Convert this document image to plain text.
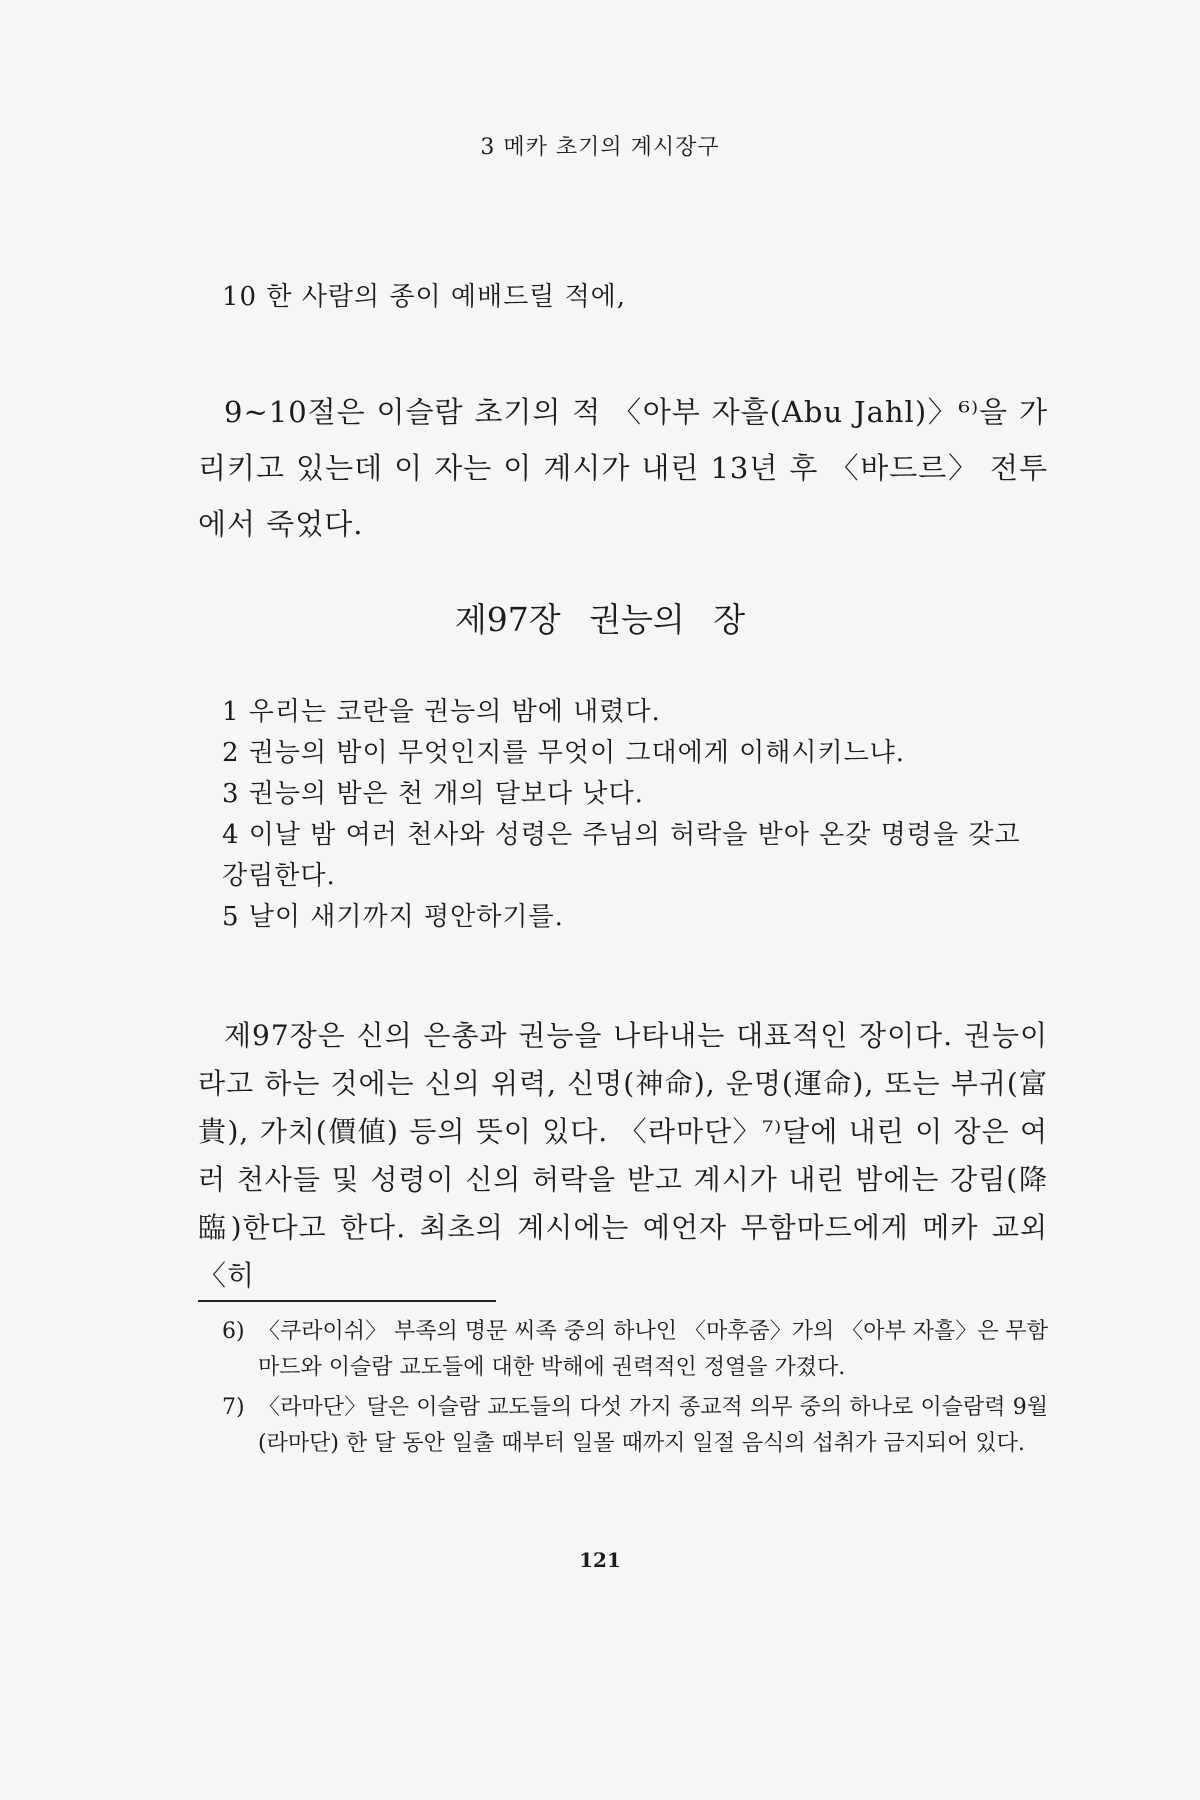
3 메카 초기의 계시장구
10 한 사람의 종이 예배드릴 적에,

9~10절은 이슬람 초기의 적 〈아부 자흘(Abu Jahl)〉⁶⁾을 가리키고 있는데 이 자는 이 계시가 내린 13년 후 〈바드르〉 전투에서 죽었다.

제97장 권능의 장

1 우리는 코란을 권능의 밤에 내렸다.

2 권능의 밤이 무엇인지를 무엇이 그대에게 이해시키느냐.

3 권능의 밤은 천 개의 달보다 낫다.

4 이날 밤 여러 천사와 성령은 주님의 허락을 받아 온갖 명령을 갖고 강림한다.

5 날이 새기까지 평안하기를.

제97장은 신의 은총과 권능을 나타내는 대표적인 장이다. 권능이라고 하는 것에는 신의 위력, 신명(神命), 운명(運命), 또는 부귀(富貴), 가치(價値) 등의 뜻이 있다. 〈라마단〉⁷⁾달에 내린 이 장은 여러 천사들 및 성령이 신의 허락을 받고 계시가 내린 밤에는 강림(降臨)한다고 한다. 최초의 계시에는 예언자 무함마드에게 메카 교외 〈히

6) 〈쿠라이쉬〉 부족의 명문 씨족 중의 하나인 〈마후줌〉가의 〈아부 자흘〉은 무함마드와 이슬람 교도들에 대한 박해에 권력적인 정열을 가졌다.
7) 〈라마단〉달은 이슬람 교도들의 다섯 가지 종교적 의무 중의 하나로 이슬람력 9월(라마단) 한 달 동안 일출 때부터 일몰 때까지 일절 음식의 섭취가 금지되어 있다.
121
